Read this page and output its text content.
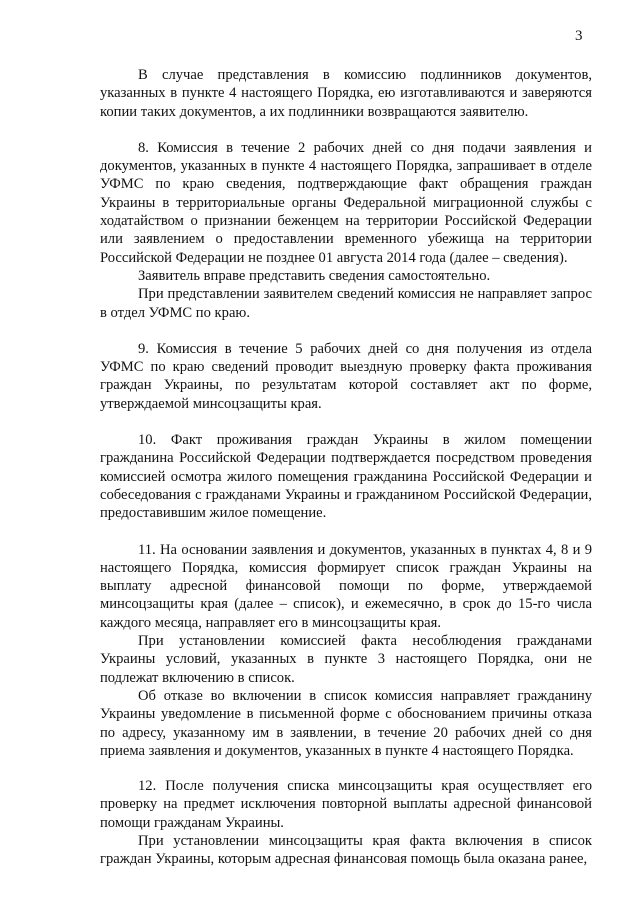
3

В случае представления в комиссию подлинников документов, указанных в пункте 4 настоящего Порядка, ею изготавливаются и заверяются копии таких документов, а их подлинники возвращаются заявителю.

8. Комиссия в течение 2 рабочих дней со дня подачи заявления и документов, указанных в пункте 4 настоящего Порядка, запрашивает в отделе УФМС по краю сведения, подтверждающие факт обращения граждан Украины в территориальные органы Федеральной миграционной службы с ходатайством о признании беженцем на территории Российской Федерации или заявлением о предоставлении временного убежища на территории Российской Федерации не позднее 01 августа 2014 года (далее – сведения).

Заявитель вправе представить сведения самостоятельно.

При представлении заявителем сведений комиссия не направляет запрос в отдел УФМС по краю.

9. Комиссия в течение 5 рабочих дней со дня получения из отдела УФМС по краю сведений проводит выездную проверку факта проживания граждан Украины, по результатам которой составляет акт по форме, утверждаемой минсоцзащиты края.

10. Факт проживания граждан Украины в жилом помещении гражданина Российской Федерации подтверждается посредством проведения комиссией осмотра жилого помещения гражданина Российской Федерации и собеседования с гражданами Украины и гражданином Российской Федерации, предоставившим жилое помещение.

11. На основании заявления и документов, указанных в пунктах 4, 8 и 9 настоящего Порядка, комиссия формирует список граждан Украины на выплату адресной финансовой помощи по форме, утверждаемой минсоцзащиты края (далее – список), и ежемесячно, в срок до 15-го числа каждого месяца, направляет его в минсоцзащиты края.

При установлении комиссией факта несоблюдения гражданами Украины условий, указанных в пункте 3 настоящего Порядка, они не подлежат включению в список.

Об отказе во включении в список комиссия направляет гражданину Украины уведомление в письменной форме с обоснованием причины отказа по адресу, указанному им в заявлении, в течение 20 рабочих дней со дня приема заявления и документов, указанных в пункте 4 настоящего Порядка.

12. После получения списка минсоцзащиты края осуществляет его проверку на предмет исключения повторной выплаты адресной финансовой помощи гражданам Украины.

При установлении минсоцзащиты края факта включения в список граждан Украины, которым адресная финансовая помощь была оказана ранее,
